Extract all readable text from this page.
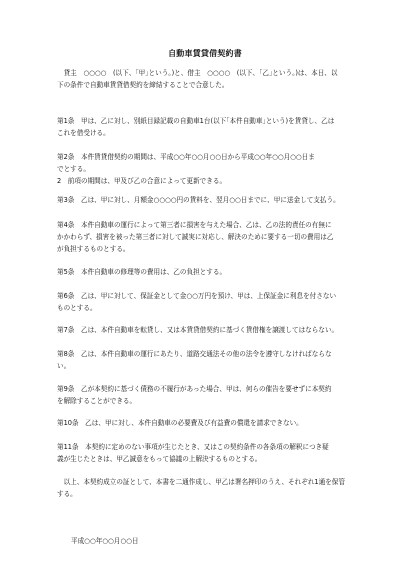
自動車賃貸借契約書
　貸主　○○○○　(以下、｢甲｣という。)と、借主　○○○○　(以下、｢乙｣という。)は、本日、以
下の条件で自動車賃貸借契約を締結することで合意した。
第1条　甲は、乙に対し、別紙目録記載の自動車1台(以下｢本件自動車｣という)を賃貸し、乙は
これを借受ける。
第2条　本件賃貸借契約の期間は、平成○○年○○月○○日から平成○○年○○月○○日ま
でとする。
2　前項の期間は、甲及び乙の合意によって更新できる。
第3条　乙は、甲に対し、月額金○○○○円の賃料を、翌月○○日までに、甲に送金して支払う。
第4条　本件自動車の運行によって第三者に損害を与えた場合、乙は、乙の法的責任の有無に
かかわらず、損害を被った第三者に対して誠実に対応し、解決のために要する一切の費用は乙
が負担するものとする。
第5条　本件自動車の修理等の費用は、乙の負担とする。
第6条　乙は、甲に対して、保証金として金○○万円を預け、甲は、上保証金に利息を付さない
ものとする。
第7条　乙は、本件自動車を転貸し、又は本賃貸借契約に基づく賃借権を譲渡してはならない。
第8条　乙は、本件自動車の運行にあたり、道路交通法その他の法令を遵守しなければならな
い。
第9条　乙が本契約に基づく債務の不履行があった場合、甲は、何らの催告を要せずに本契約
を解除することができる。
第10条　乙は、甲に対し、本件自動車の必要費及び有益費の償還を請求できない。
第11条　本契約に定めのない事項が生じたとき、又はこの契約条件の各条項の解釈につき疑
義が生じたときは、甲乙誠意をもって協議の上解決するものとする。
　以上、本契約成立の証として、本書を二通作成し、甲乙は署名押印のうえ、それぞれ1通を保管
する。
平成○○年○○月○○日
